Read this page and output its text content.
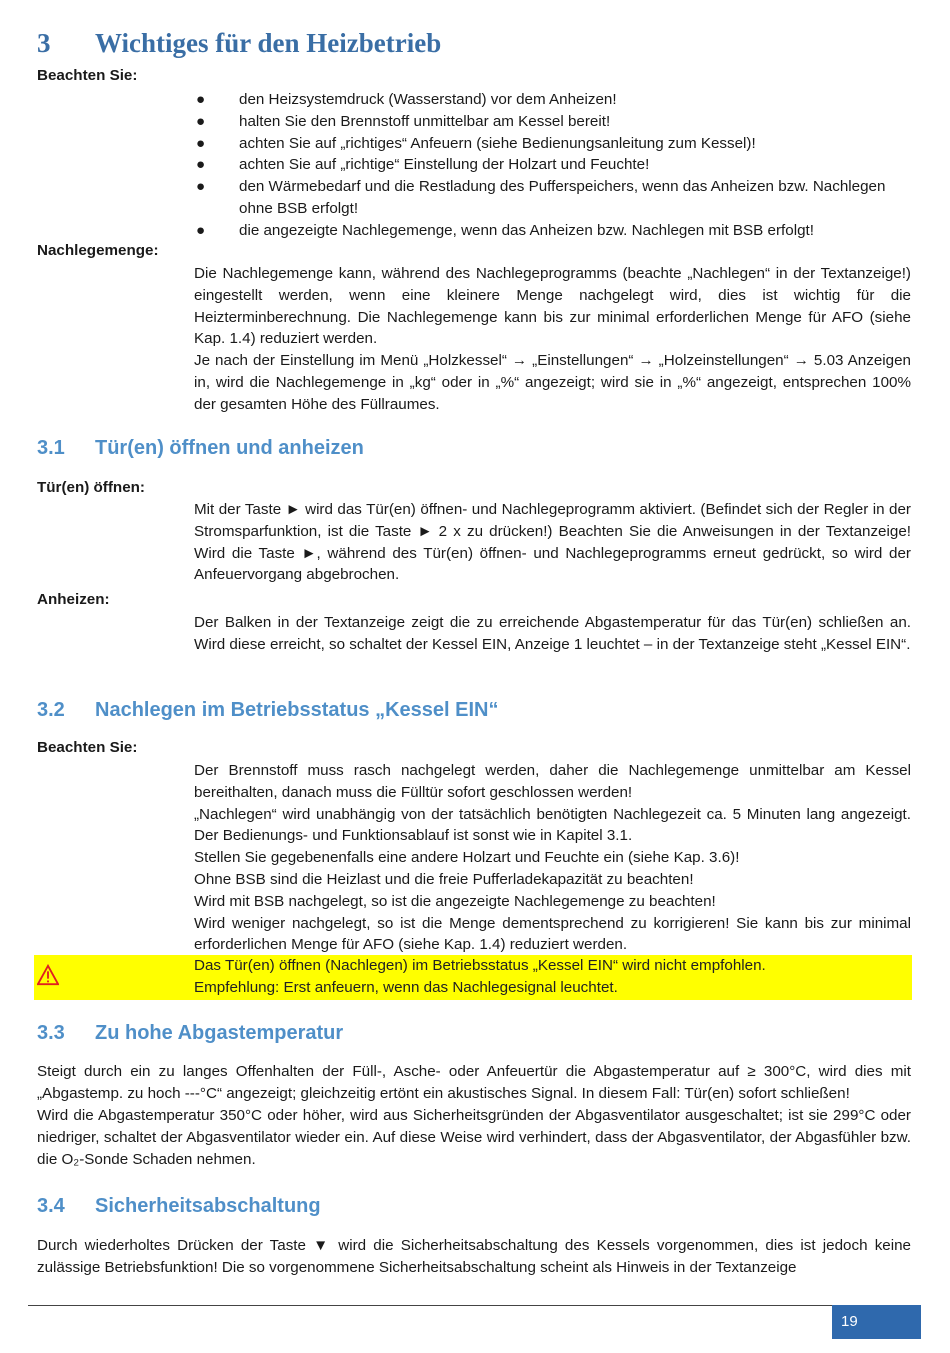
3 Wichtiges für den Heizbetrieb
Beachten Sie:
● den Heizsystemdruck (Wasserstand) vor dem Anheizen!
● halten Sie den Brennstoff unmittelbar am Kessel bereit!
● achten Sie auf „richtiges“ Anfeuern (siehe Bedienungsanleitung zum Kessel)!
● achten Sie auf „richtige“ Einstellung der Holzart und Feuchte!
● den Wärmebedarf und die Restladung des Pufferspeichers, wenn das Anheizen bzw. Nachlegen ohne BSB erfolgt!
● die angezeigte Nachlegemenge, wenn das Anheizen bzw. Nachlegen mit BSB erfolgt!
Nachlegemenge:

Die Nachlegemenge kann, während des Nachlegeprogramms (beachte „Nachlegen“ in der Textanzeige!) eingestellt werden, wenn eine kleinere Menge nachgelegt wird, dies ist wichtig für die Heizterminberechnung. Die Nachlegemenge kann bis zur minimal erforderlichen Menge für AFO (siehe Kap. 1.4) reduziert werden.

Je nach der Einstellung im Menü „Holzkessel“ → „Einstellungen“ → „Holzeinstellungen“ → 5.03 Anzeigen in, wird die Nachlegemenge in „kg“ oder in „%“ angezeigt; wird sie in „%“ angezeigt, entsprechen 100% der gesamten Höhe des Füllraumes.

3.1 Tür(en) öffnen und anheizen
Tür(en) öffnen:
Mit der Taste ► wird das Tür(en) öffnen- und Nachlegeprogramm aktiviert. (Befindet sich der Regler in der Stromsparfunktion, ist die Taste ► 2 x zu drücken!) Beachten Sie die Anweisungen in der Textanzeige! Wird die Taste ►, während des Tür(en) öffnen- und Nachlegeprogramms erneut gedrückt, so wird der Anfeuervorgang abgebrochen.
Anheizen:
Der Balken in der Textanzeige zeigt die zu erreichende Abgastemperatur für das Tür(en) schließen an. Wird diese erreicht, so schaltet der Kessel EIN, Anzeige 1 leuchtet – in der Textanzeige steht „Kessel EIN“.
3.2 Nachlegen im Betriebsstatus „Kessel EIN“
Beachten Sie:

Der Brennstoff muss rasch nachgelegt werden, daher die Nachlegemenge unmittelbar am Kessel bereithalten, danach muss die Fülltür sofort geschlossen werden!

„Nachlegen“ wird unabhängig von der tatsächlich benötigten Nachlegezeit ca. 5 Minuten lang angezeigt. Der Bedienungs- und Funktionsablauf ist sonst wie in Kapitel 3.1.

Stellen Sie gegebenenfalls eine andere Holzart und Feuchte ein (siehe Kap. 3.6)!

Ohne BSB sind die Heizlast und die freie Pufferladekapazität zu beachten!

Wird mit BSB nachgelegt, so ist die angezeigte Nachlegemenge zu beachten!

Wird weniger nachgelegt, so ist die Menge dementsprechend zu korrigieren! Sie kann bis zur minimal erforderlichen Menge für AFO (siehe Kap. 1.4) reduziert werden.

Das Tür(en) öffnen (Nachlegen) im Betriebsstatus „Kessel EIN“ wird nicht empfohlen.
Empfehlung: Erst anfeuern, wenn das Nachlegesignal leuchtet.
3.3 Zu hohe Abgastemperatur

Steigt durch ein zu langes Offenhalten der Füll-, Asche- oder Anfeuertür die Abgastemperatur auf ≥ 300°C, wird dies mit „Abgastemp. zu hoch ---°C“ angezeigt; gleichzeitig ertönt ein akustisches Signal. In diesem Fall: Tür(en) sofort schließen!

Wird die Abgastemperatur 350°C oder höher, wird aus Sicherheitsgründen der Abgasventilator ausgeschaltet; ist sie 299°C oder niedriger, schaltet der Abgasventilator wieder ein. Auf diese Weise wird verhindert, dass der Abgasventilator, der Abgasfühler bzw. die O₂-Sonde Schaden nehmen.

3.4 Sicherheitsabschaltung
Durch wiederholtes Drücken der Taste ▼ wird die Sicherheitsabschaltung des Kessels vorgenommen, dies ist jedoch keine zulässige Betriebsfunktion! Die so vorgenommene Sicherheitsabschaltung scheint als Hinweis in der Textanzeige
19
